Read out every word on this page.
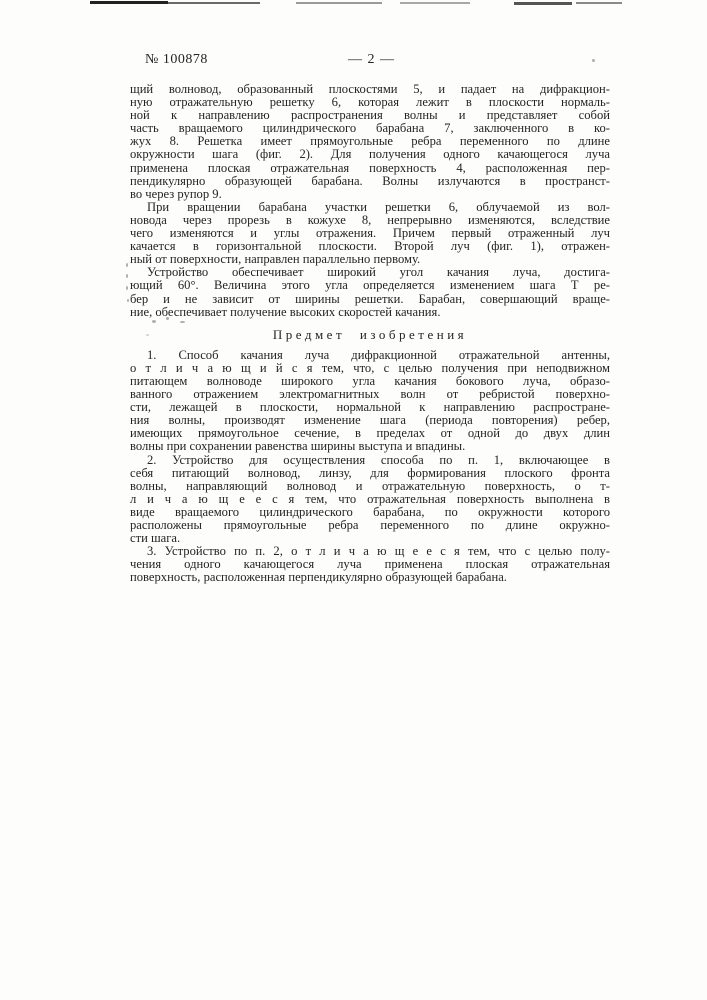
№ 100878	— 2 —
щий волновод, образованный плоскостями 5, и падает на дифракцион-
ную отражательную решетку 6, которая лежит в плоскости нормаль-
ной к направлению распространения волны и представляет собой
часть вращаемого цилиндрического барабана 7, заключенного в ко-
жух 8. Решетка имеет прямоугольные ребра переменного по длине
окружности шага (фиг. 2). Для получения одного качающегося луча
применена плоская отражательная поверхность 4, расположенная пер-
пендикулярно образующей барабана. Волны излучаются в пространст-
во через рупор 9.
При вращении барабана участки решетки 6, облучаемой из вол-
новода через прорезь в кожухе 8, непрерывно изменяются, вследствие
чего изменяются и углы отражения. Причем первый отраженный луч
качается в горизонтальной плоскости. Второй луч (фиг. 1), отражен-
ный от поверхности, направлен параллельно первому.
Устройство обеспечивает широкий угол качания луча, достига-
ющий 60°. Величина этого угла определяется изменением шага Т ре-
бер и не зависит от ширины решетки. Барабан, совершающий враще-
ние, обеспечивает получение высоких скоростей качания.
Предмет изобретения
1. Способ качания луча дифракционной отражательной антенны,
о т л и ч а ю щ и й с я тем, что, с целью получения при неподвижном
питающем волноводе широкого угла качания бокового луча, образо-
ванного отражением электромагнитных волн от ребристой поверхно-
сти, лежащей в плоскости, нормальной к направлению распростране-
ния волны, производят изменение шага (периода повторения) ребер,
имеющих прямоугольное сечение, в пределах от одной до двух длин
волны при сохранении равенства ширины выступа и впадины.
2. Устройство для осуществления способа по п. 1, включающее в
себя питающий волновод, линзу, для формирования плоского фронта
волны, направляющий волновод и отражательную поверхность, о т-
л и ч а ю щ е е с я тем, что отражательная поверхность выполнена в
виде вращаемого цилиндрического барабана, по окружности которого
расположены прямоугольные ребра переменного по длине окружно-
сти шага.
3. Устройство по п. 2, о т л и ч а ю щ е е с я тем, что с целью полу-
чения одного качающегося луча применена плоская отражательная
поверхность, расположенная перпендикулярно образующей барабана.
